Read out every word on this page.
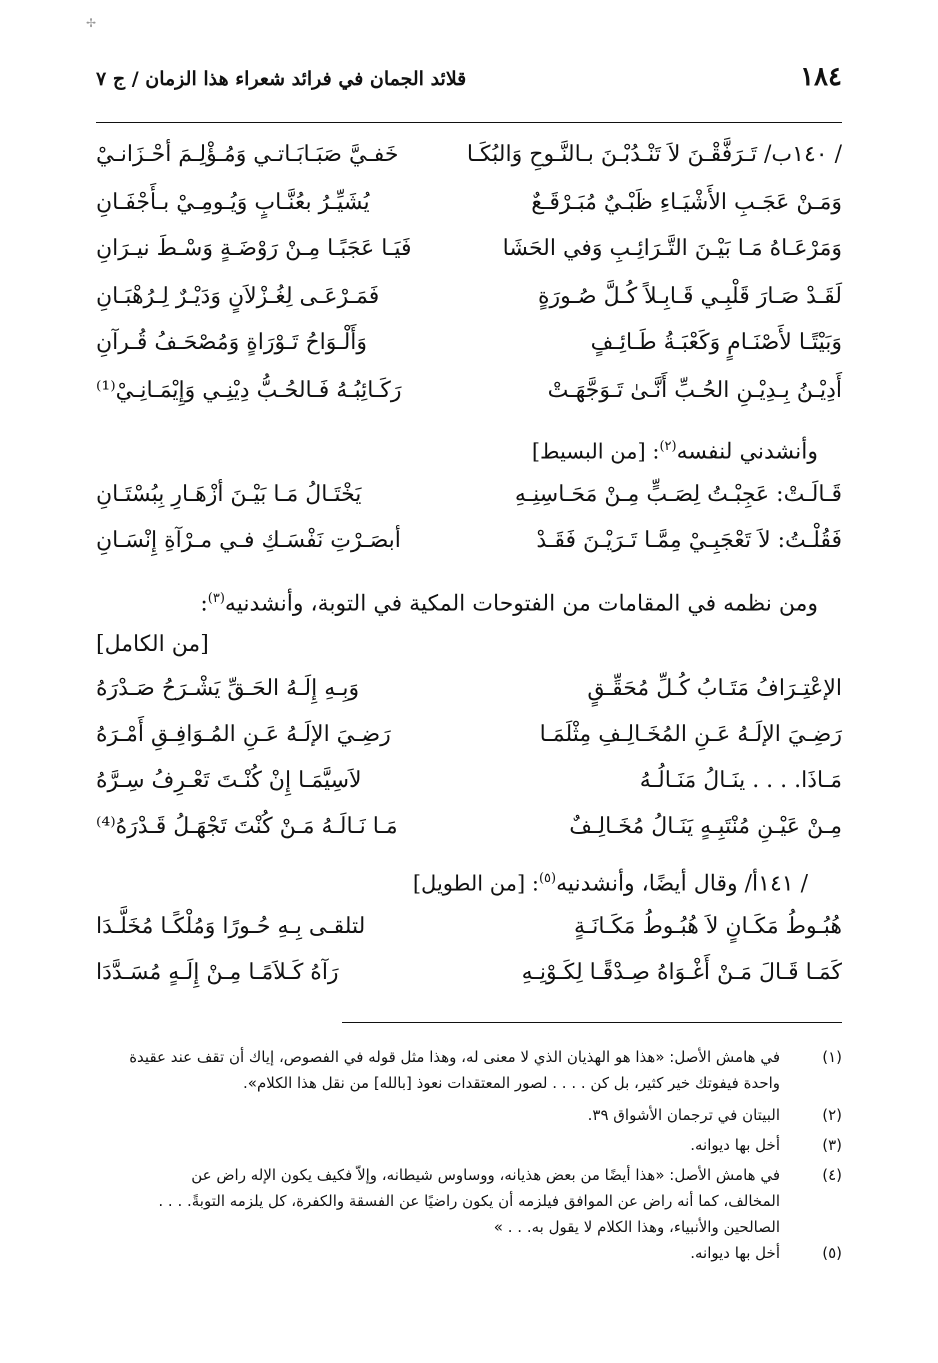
✢
١٨٤
قلائد الجمان في فرائد شعراء هذا الزمان / ج ٧
/ ١٤٠ب/ تَـرَفَّقْـنَ لاَ تَنْـدُبْـنَ بـالنَّـوحِ وَالبُكَـا
خَفـيَّ صَبَـابَـاتـي وَمُـؤْلِـمَ أحْـزَانـيْ
وَمَـنْ عَجَـبِ الأَشْيَـاءِ ظَبْـيٌ مُبَـرْقَـعٌ
يُشَيِّـرُ بعُنَّـابٍ وَيُـومِـيْ بـأَجْفَـانِ
وَمَرْعَـاهُ مَـا بَيْـنَ التَّـرَائِـبِ وَفي الحَشَا
فَيَـا عَجَبًـا مِـنْ رَوْضَـةٍ وَسْـطَ نيـرَانِ
لَقَـدْ صَـارَ قَلْبِـي قَـابِـلاً كُـلَّ صُـورَةٍ
فَمَـرْعَـى لِغُـزْلاَنٍ وَدَيْـرٌ لِـرُهْبَـانِ
وَبَيْتًـا لأَصْنَـامٍ وَكَعْبَـةُ طَـائِـفٍ
وَأَلْـوَاحُ تَـوْرَاةٍ وَمُصْحَـفُ قُـرآنِ
أَدِيْـنُ بِـدِيْـنِ الحُـبِّ أَنَّـىٰ تَـوَجَّهَـتْ
رَكَـائِبُـهُ فَـالحُـبُّ دِيْنِـي وَإِيْمَـانِـيْ⁽¹⁾
وأنشدني لنفسه$^{(٢)}$: [من البسيط]
قَـالَـتْ: عَجِبْـتُ لِصَـبٍّ مِـنْ مَحَـاسِنِـهِ
يَخْتَـالُ مَـا بَيْـنَ أزْهَـارِ بِبُسْتَـانِ
فَقُلْـتُ: لاَ تَعْجَبِـيْ مِمَّـا تَـرَيْـنَ فَقَـدْ
أبصَـرْتِ نَفْسَـكِ فـي مـرْآةِ إِنْسَـانِ
ومن نظمه في المقامات من الفتوحات المكية في التوبة، وأنشدنيه$^{(٣)}$:
[من الكامل]
الإعْتِـرَافُ مَتَـابُ كُـلِّ مُحَقِّـقٍ
وَبِـهِ إِلَـهُ الحَـقِّ يَشْـرَحُ صَـدْرَهُ
رَضِـيَ الإلَـهُ عَـنِ المُخَـالِـفِ مِثْلَمَـا
رَضِـيَ الإلَـهُ عَـنِ المُـوَافِـقِ أَمْـرَهُ
مَـاذَا. . . . ينَـالُ مَنَـالُـهُ
لاَسِيَّمَـا إِنْ كُنْـتَ تَعْـرِفُ سِـرَّهُ
مِـنْ عَيْـنِ مُنْتَبِـهٍ يَنَـالُ مُخَـالِـفٌ
مَـا نَـالَـهُ مَـنْ كُنْتَ تَجْهَـلُ قَـدْرَهُ⁽⁴⁾
/ ١٤١أ/ وقال أيضًا، وأنشدنيه$^{(٥)}$: [من الطويل]
هُبُـوطُ مَكَـانٍ لاَ هُبُـوطُ مَكَـانَـةٍ
لتلقـى بِـهِ حُـورًا وَمُلْكًـا مُخَلَّـدَا
كَمَـا قَـالَ مَـنْ أَغْـوَاهُ صِـدْقًـا لِكَـوْنِـهِ
رَآهُ كَـلاَمًـا مِـنْ إِلَـهٍ مُسَـدَّدَا
(١)

في هامش الأصل: «هذا هو الهذيان الذي لا معنى له، وهذا مثل قوله في الفصوص، إياك أن تقف عند عقيدة

واحدة فيفوتك خير كثير، بل كن . . . . لصور المعتقدات نعوذ [بالله] من نقل هذا الكلام».

(٢)

البيتان في ترجمان الأشواق ٣٩.

(٣)

أخل بها ديوانه.

(٤)

في هامش الأصل: «هذا أيضًا من بعض هذيانه، ووساوس شيطانه، وإلاّ فكيف يكون الإله راض عن

المخالف، كما أنه راض عن الموافق فيلزمه أن يكون راضيًا عن الفسقة والكفرة، كل يلزمه التوبةً. . . .

الصالحين والأنبياء، وهذا الكلام لا يقول به. . . »

(٥)

أخل بها ديوانه.
